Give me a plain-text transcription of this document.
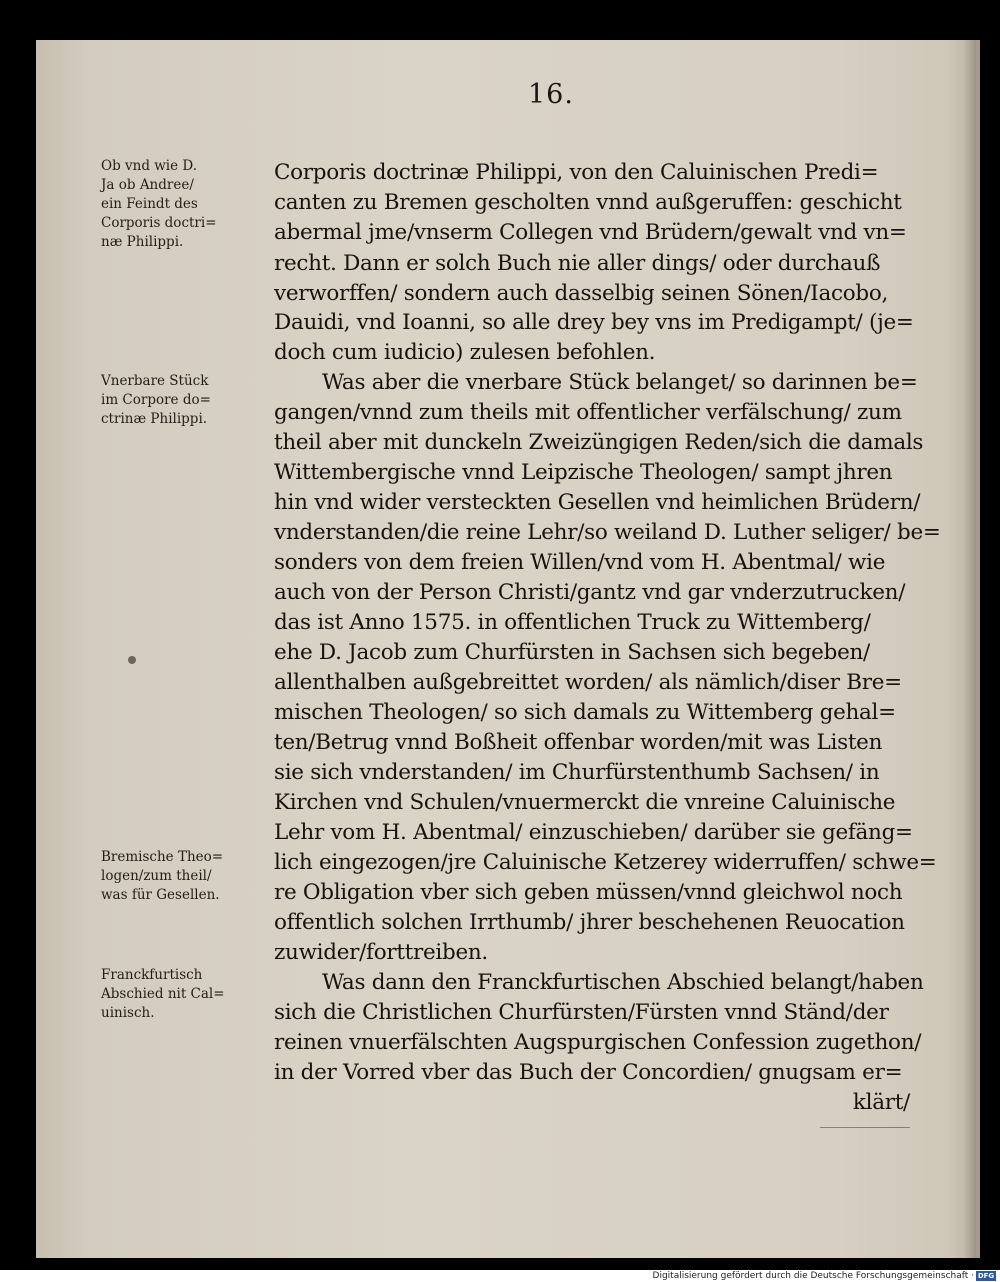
16.
Ob vnd wie D.
Ja ob Andree/
ein Feindt des
Corporis doctri=
næ Philippi.
Vnerbare Stück
im Corpore do=
ctrinæ Philippi.
Bremische Theo=
logen/zum theil/
was für Gesellen.
Franckfurtisch
Abschied nit Cal=
uinisch.
Corporis doctrinæ Philippi, von den Caluinischen Predi=
canten zu Bremen gescholten vnnd außgeruffen: geschicht
abermal jme/vnserm Collegen vnd Brüdern/gewalt vnd vn=
recht. Dann er solch Buch nie aller dings/ oder durchauß
verworffen/ sondern auch dasselbig seinen Sönen/Iacobo,
Dauidi, vnd Ioanni, so alle drey bey vns im Predigampt/ (je=
doch cum iudicio) zulesen befohlen.
Was aber die vnerbare Stück belanget/ so darinnen be=
gangen/vnnd zum theils mit offentlicher verfälschung/ zum
theil aber mit dunckeln Zweizüngigen Reden/sich die damals
Wittembergische vnnd Leipzische Theologen/ sampt jhren
hin vnd wider versteckten Gesellen vnd heimlichen Brüdern/
vnderstanden/die reine Lehr/so weiland D. Luther seliger/ be=
sonders von dem freien Willen/vnd vom H. Abentmal/ wie
auch von der Person Christi/gantz vnd gar vnderzutrucken/
das ist Anno 1575. in offentlichen Truck zu Wittemberg/
ehe D. Jacob zum Churfürsten in Sachsen sich begeben/
allenthalben außgebreittet worden/ als nämlich/diser Bre=
mischen Theologen/ so sich damals zu Wittemberg gehal=
ten/Betrug vnnd Boßheit offenbar worden/mit was Listen
sie sich vnderstanden/ im Churfürstenthumb Sachsen/ in
Kirchen vnd Schulen/vnuermerckt die vnreine Caluinische
Lehr vom H. Abentmal/ einzuschieben/ darüber sie gefäng=
lich eingezogen/jre Caluinische Ketzerey widerruffen/ schwe=
re Obligation vber sich geben müssen/vnnd gleichwol noch
offentlich solchen Irrthumb/ jhrer beschehenen Reuocation
zuwider/forttreiben.
Was dann den Franckfurtischen Abschied belangt/haben
sich die Christlichen Churfürsten/Fürsten vnnd Ständ/der
reinen vnuerfälschten Augspurgischen Confession zugethon/
in der Vorred vber das Buch der Concordien/ gnugsam er=
klärt/
Digitalisierung gefördert durch die Deutsche Forschungsgemeinschaft · DFG
